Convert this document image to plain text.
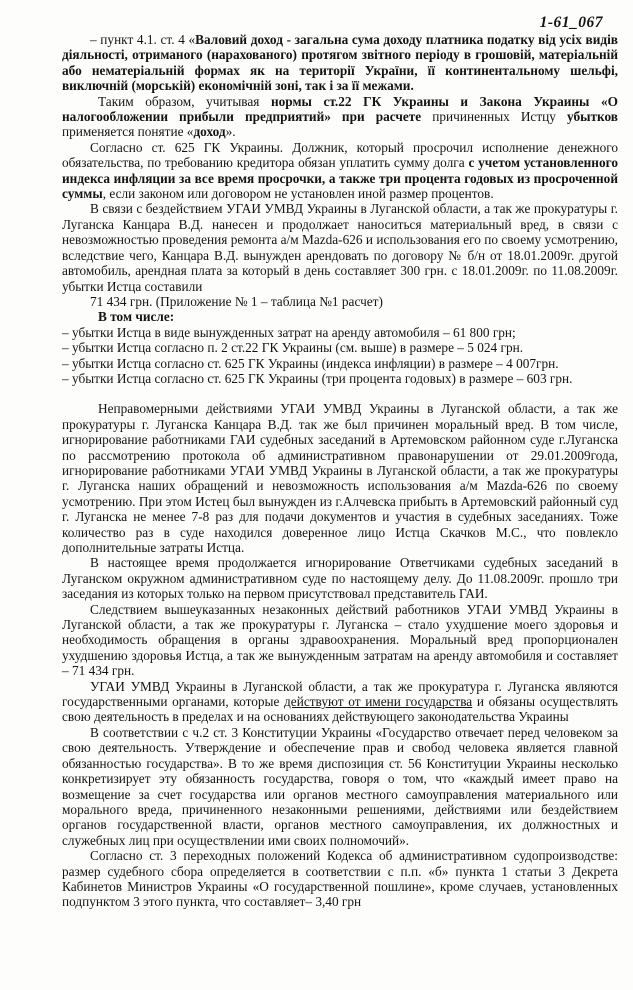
1-61_067

– пункт 4.1. ст. 4 «Валовий доход - загальна сума доходу платника податку від усіх видів діяльності, отриманого (нарахованого) протягом звітного періоду в грошовій, матеріальній або нематеріальній формах як на території України, її континентальному шельфі, виключній (морській) економічній зоні, так і за її межами.

Таким образом, учитывая нормы ст.22 ГК Украины и Закона Украины «О налогообложении прибыли предприятий» при расчете причиненных Истцу убытков применяется понятие «доход».

Согласно ст. 625 ГК Украины. Должник, который просрочил исполнение денежного обязательства, по требованию кредитора обязан уплатить сумму долга с учетом установленного индекса инфляции за все время просрочки, а также три процента годовых из просроченной суммы, если законом или договором не установлен иной размер процентов.

В связи с бездействием УГАИ УМВД Украины в Луганской области, а так же прокуратуры г. Луганска Канцара В.Д. нанесен и продолжает наноситься материальный вред, в связи с невозможностью проведения ремонта а/м Mazda-626 и использования его по своему усмотрению, вследствие чего, Канцара В.Д. вынужден арендовать по договору № б/н от 18.01.2009г. другой автомобиль, арендная плата за который в день составляет 300 грн. с 18.01.2009г. по 11.08.2009г. убытки Истца составили

71 434 грн. (Приложение № 1 – таблица №1 расчет)

В том числе:

– убытки Истца в виде вынужденных затрат на аренду автомобиля – 61 800 грн;
– убытки Истца согласно п. 2 ст.22 ГК Украины (см. выше) в размере – 5 024 грн.
– убытки Истца согласно ст. 625 ГК Украины (индекса инфляции) в размере – 4 007грн.
– убытки Истца согласно ст. 625 ГК Украины (три процента годовых) в размере – 603 грн.

Неправомерными действиями УГАИ УМВД Украины в Луганской области, а так же прокуратуры г. Луганска Канцара В.Д. так же был причинен моральный вред. В том числе, игнорирование работниками ГАИ судебных заседаний в Артемовском районном суде г.Луганска по рассмотрению протокола об административном правонарушении от 29.01.2009года, игнорирование работниками УГАИ УМВД Украины в Луганской области, а так же прокуратуры г. Луганска наших обращений и невозможность использования а/м Mazda-626 по своему усмотрению. При этом Истец был вынужден из г.Алчевска прибыть в Артемовский районный суд г. Луганска не менее 7-8 раз для подачи документов и участия в судебных заседаниях. Тоже количество раз в суде находился доверенное лицо Истца Скачков М.С., что повлекло дополнительные затраты Истца.

В настоящее время продолжается игнорирование Ответчиками судебных заседаний в Луганском окружном административном суде по настоящему делу. До 11.08.2009г. прошло три заседания из которых только на первом присутствовал представитель ГАИ.

Следствием вышеуказанных незаконных действий работников УГАИ УМВД Украины в Луганской области, а так же прокуратуры г. Луганска – стало ухудшение моего здоровья и необходимость обращения в органы здравоохранения. Моральный вред пропорционален ухудшению здоровья Истца, а так же вынужденным затратам на аренду автомобиля и составляет – 71 434 грн.

УГАИ УМВД Украины в Луганской области, а так же прокуратура г. Луганска являются государственными органами, которые действуют от имени государства и обязаны осуществлять свою деятельность в пределах и на основаниях действующего законодательства Украины

В соответствии с ч.2 ст. 3 Конституции Украины «Государство отвечает перед человеком за свою деятельность. Утверждение и обеспечение прав и свобод человека является главной обязанностью государства». В то же время диспозиция ст. 56 Конституции Украины несколько конкретизирует эту обязанность государства, говоря о том, что «каждый имеет право на возмещение за счет государства или органов местного самоуправления материального или морального вреда, причиненного незаконными решениями, действиями или бездействием органов государственной власти, органов местного самоуправления, их должностных и служебных лиц при осуществлении ими своих полномочий».

Согласно ст. 3 переходных положений Кодекса об административном судопроизводстве: размер судебного сбора определяется в соответствии с п.п. «б» пункта 1 статьи 3 Декрета Кабинетов Министров Украины «О государственной пошлине», кроме случаев, установленных подпунктом 3 этого пункта, что составляет– 3,40 грн
